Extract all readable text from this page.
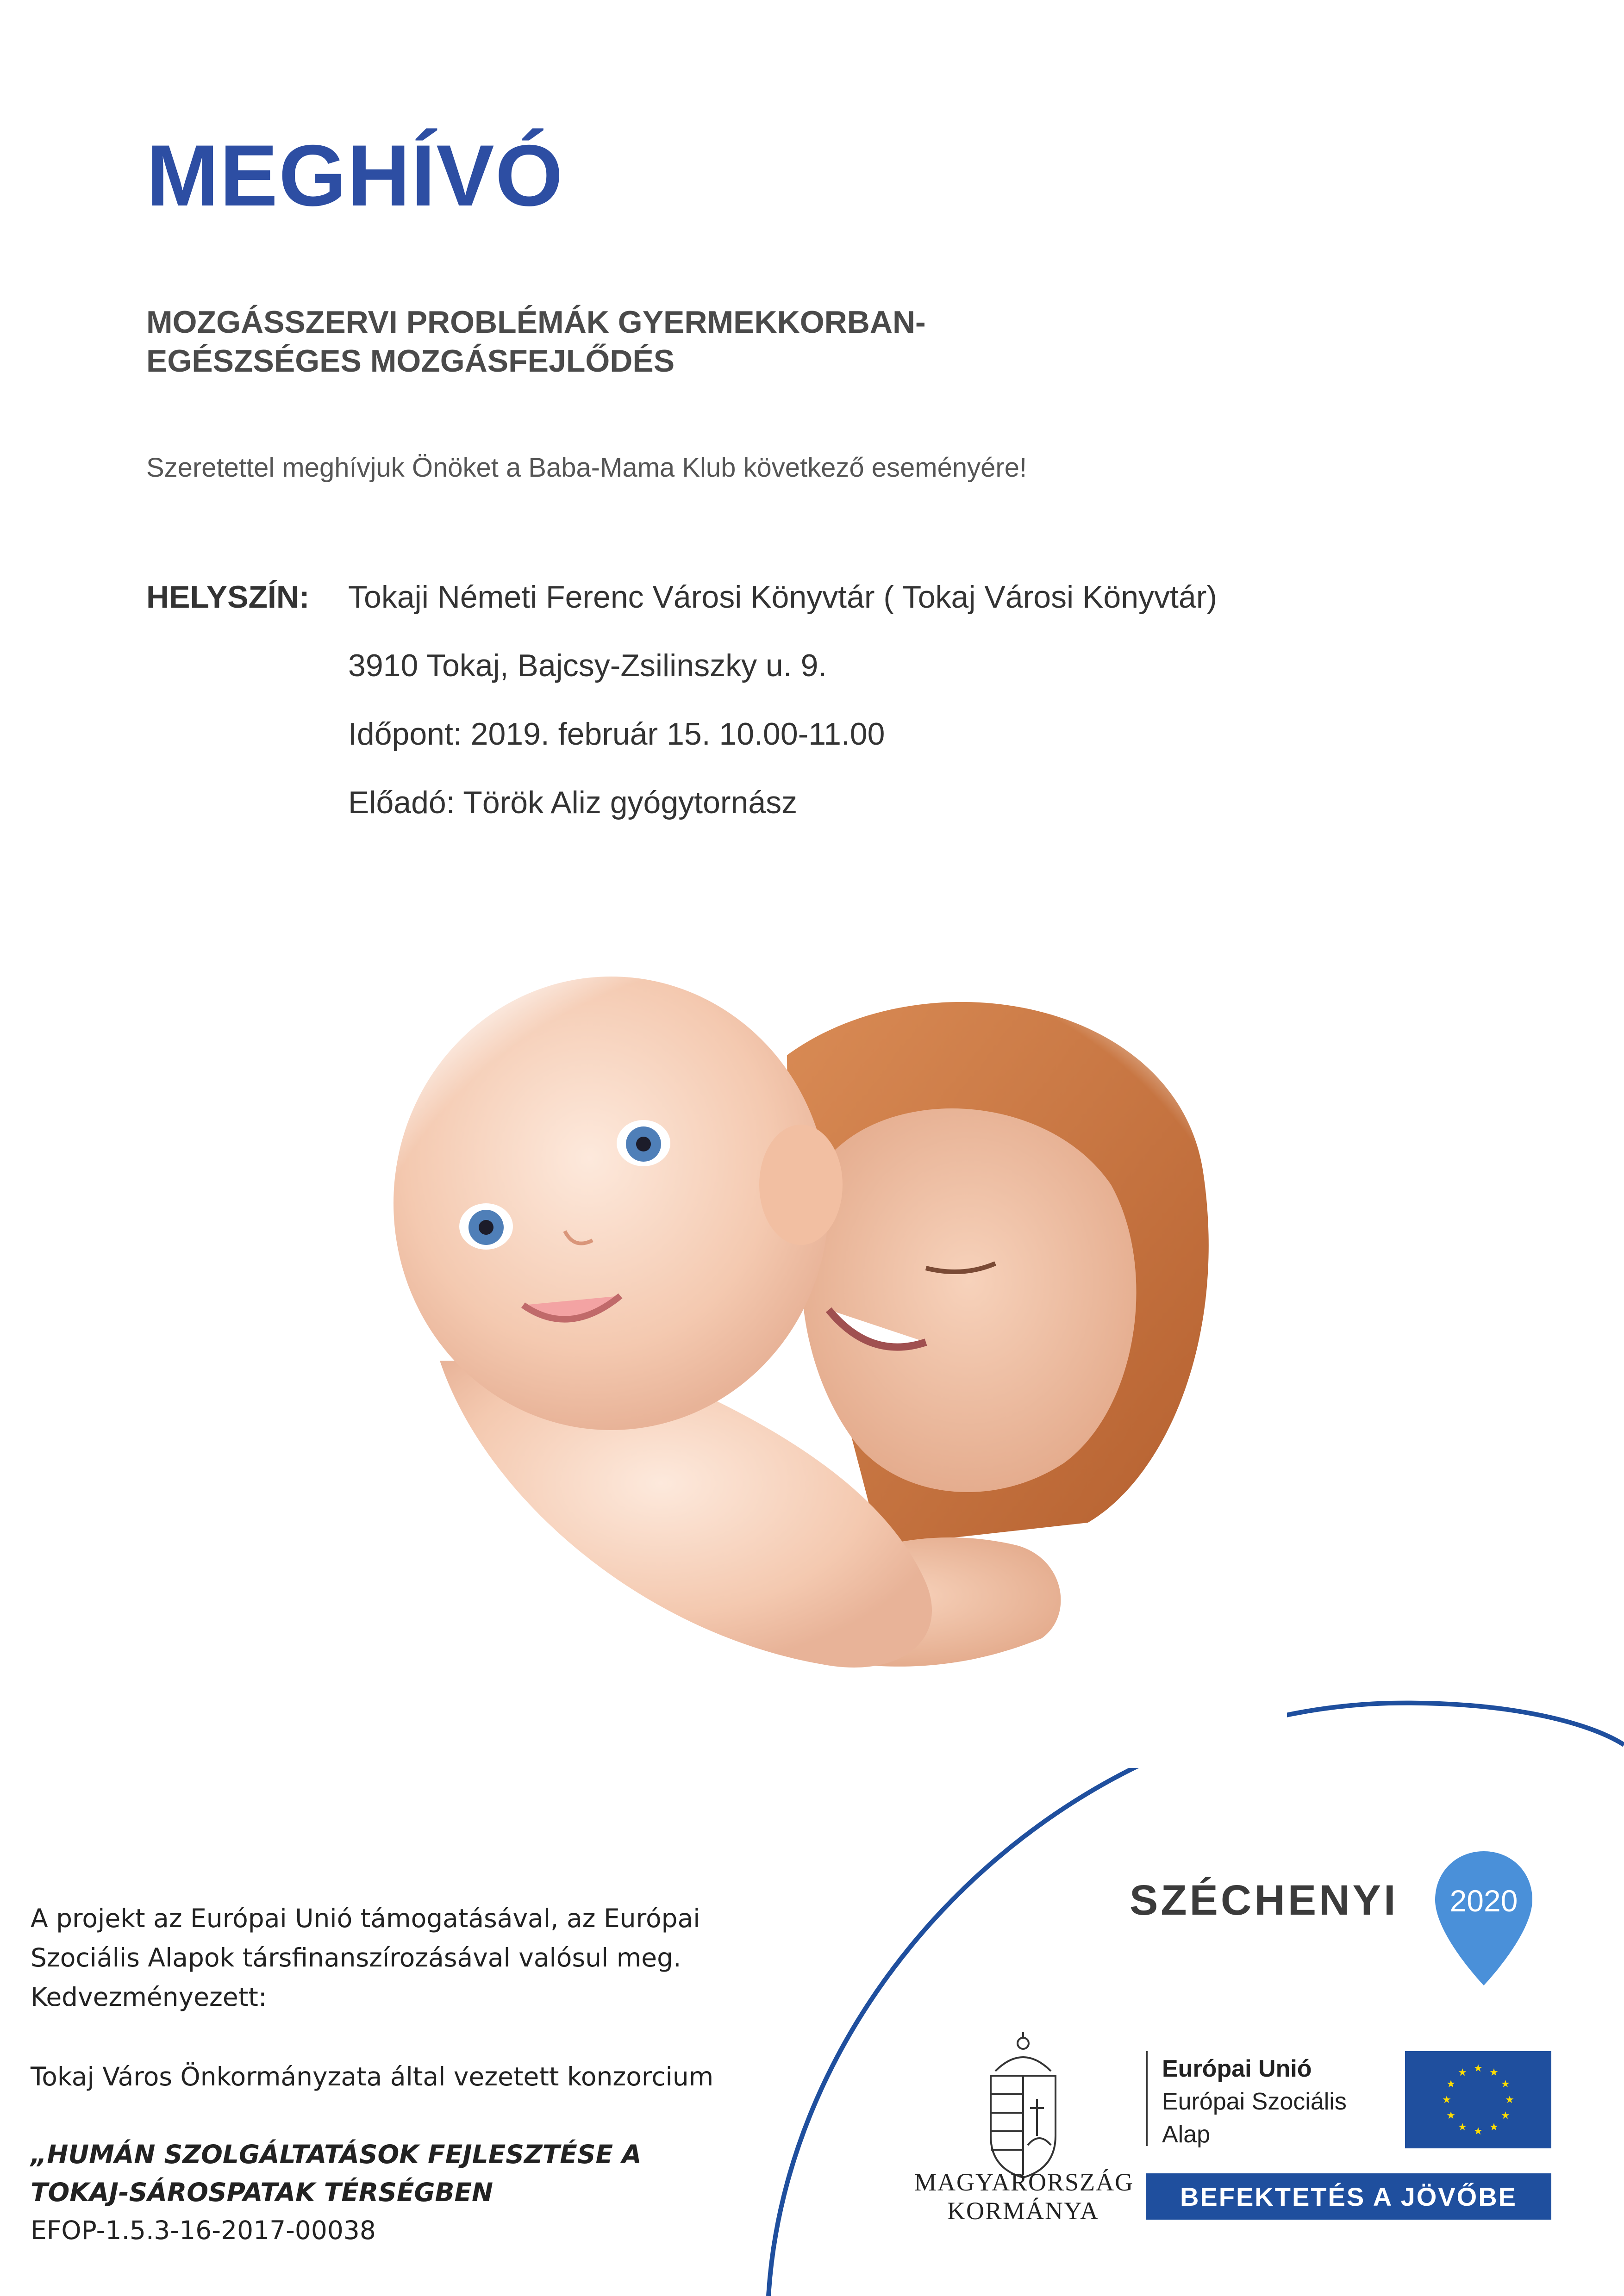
MEGHÍVÓ
MOZGÁSSZERVI PROBLÉMÁK GYERMEKKORBAN-
EGÉSZSÉGES MOZGÁSFEJLŐDÉS
Szeretettel meghívjuk Önöket a Baba-Mama Klub következő eseményére!
HELYSZÍN: Tokaji Németi Ferenc Városi Könyvtár ( Tokaj Városi Könyvtár)
3910 Tokaj, Bajcsy-Zsilinszky u. 9.
Időpont: 2019. február 15. 10.00-11.00
Előadó: Török Aliz gyógytornász
A projekt az Európai Unió támogatásával, az Európai
Szociális Alapok társfinanszírozásával valósul meg.
Kedvezményezett:
Tokaj Város Önkormányzata által vezetett konzorcium
„HUMÁN SZOLGÁLTATÁSOK FEJLESZTÉSE A
TOKAJ-SÁROSPATAK TÉRSÉGBEN
EFOP-1.5.3-16-2017-00038
SZÉCHENYI 2020
MAGYARORSZÁG
KORMÁNYA
Európai Unió
Európai Szociális
Alap
★ ★
★
★
★
★
★
★
★
★
★
★
BEFEKTETÉS A JÖVŐBE
